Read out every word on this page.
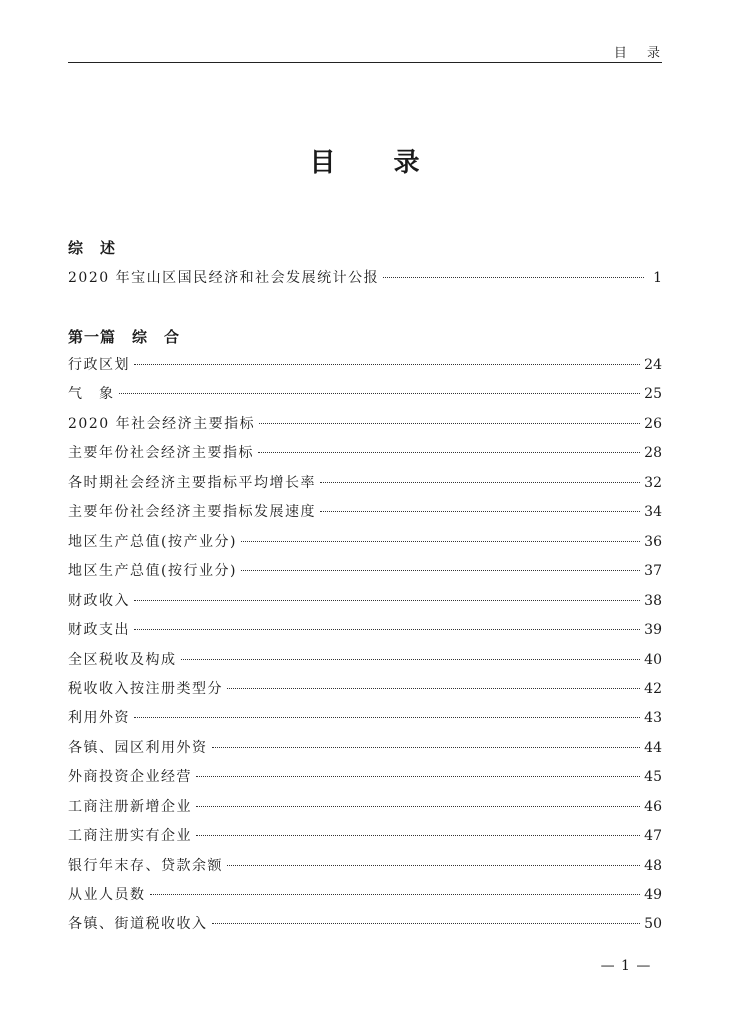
目 录
目录
综　述
2020 年宝山区国民经济和社会发展统计公报	1
第一篇　综　合
行政区划	24
气　象	25
2020 年社会经济主要指标	26
主要年份社会经济主要指标	28
各时期社会经济主要指标平均增长率	32
主要年份社会经济主要指标发展速度	34
地区生产总值(按产业分)	36
地区生产总值(按行业分)	37
财政收入	38
财政支出	39
全区税收及构成	40
税收收入按注册类型分	42
利用外资	43
各镇、园区利用外资	44
外商投资企业经营	45
工商注册新增企业	46
工商注册实有企业	47
银行年末存、贷款余额	48
从业人员数	49
各镇、街道税收收入	50
— 1 —
